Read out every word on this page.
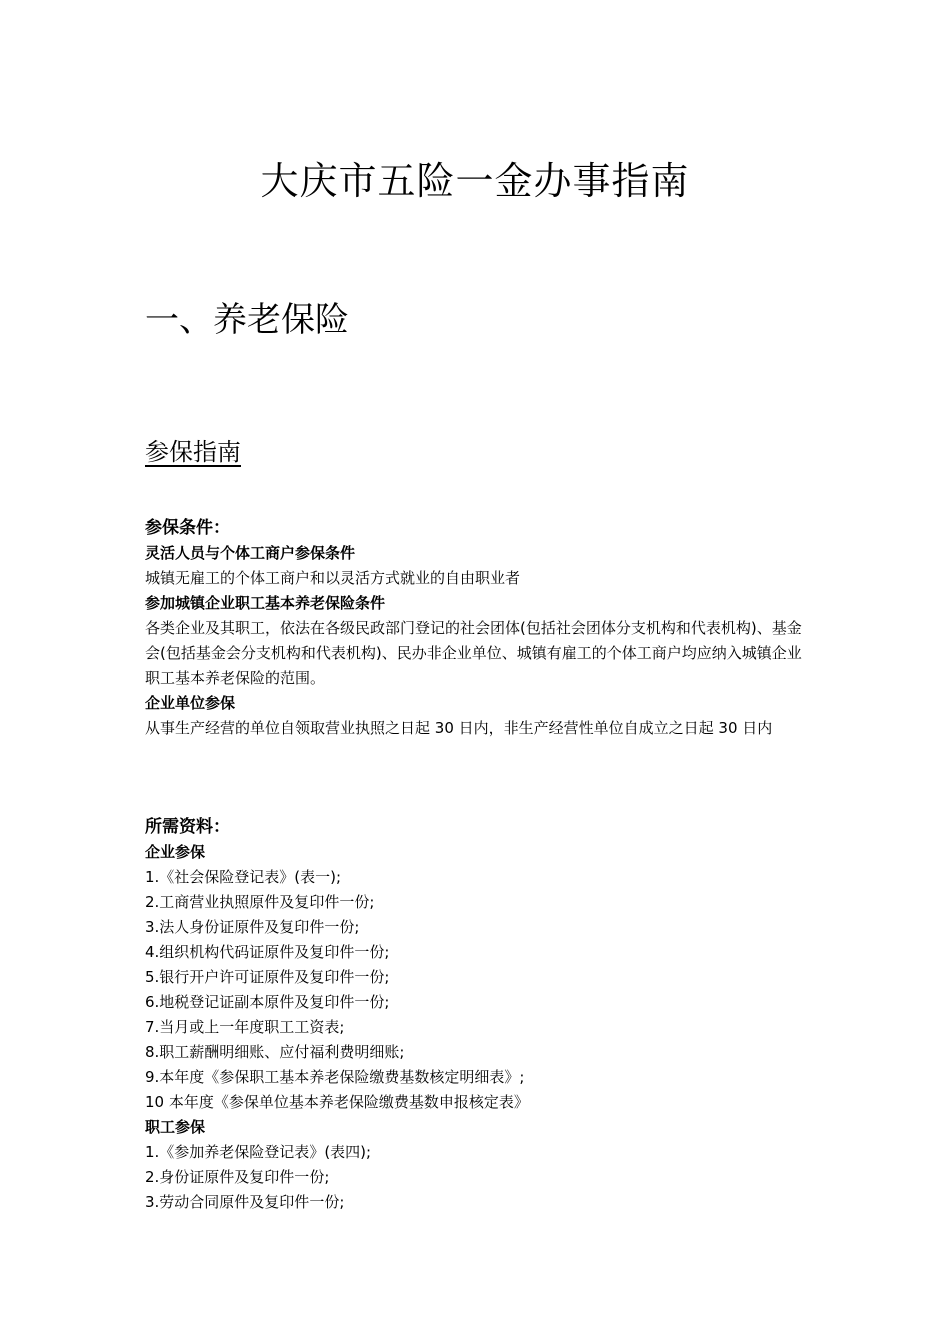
大庆市五险一金办事指南
一、养老保险
参保指南
参保条件：
灵活人员与个体工商户参保条件

城镇无雇工的个体工商户和以灵活方式就业的自由职业者

参加城镇企业职工基本养老保险条件

各类企业及其职工，依法在各级民政部门登记的社会团体(包括社会团体分支机构和代表机构)、基金会(包括基金会分支机构和代表机构)、民办非企业单位、城镇有雇工的个体工商户均应纳入城镇企业职工基本养老保险的范围。

企业单位参保

从事生产经营的单位自领取营业执照之日起 30 日内，非生产经营性单位自成立之日起 30 日内

所需资料：
企业参保
1.《社会保险登记表》(表一);
2.工商营业执照原件及复印件一份;
3.法人身份证原件及复印件一份;
4.组织机构代码证原件及复印件一份;
5.银行开户许可证原件及复印件一份;
6.地税登记证副本原件及复印件一份;
7.当月或上一年度职工工资表;
8.职工薪酬明细账、应付福利费明细账;
9.本年度《参保职工基本养老保险缴费基数核定明细表》;
10 本年度《参保单位基本养老保险缴费基数申报核定表》
职工参保
1.《参加养老保险登记表》(表四);
2.身份证原件及复印件一份;
3.劳动合同原件及复印件一份;
